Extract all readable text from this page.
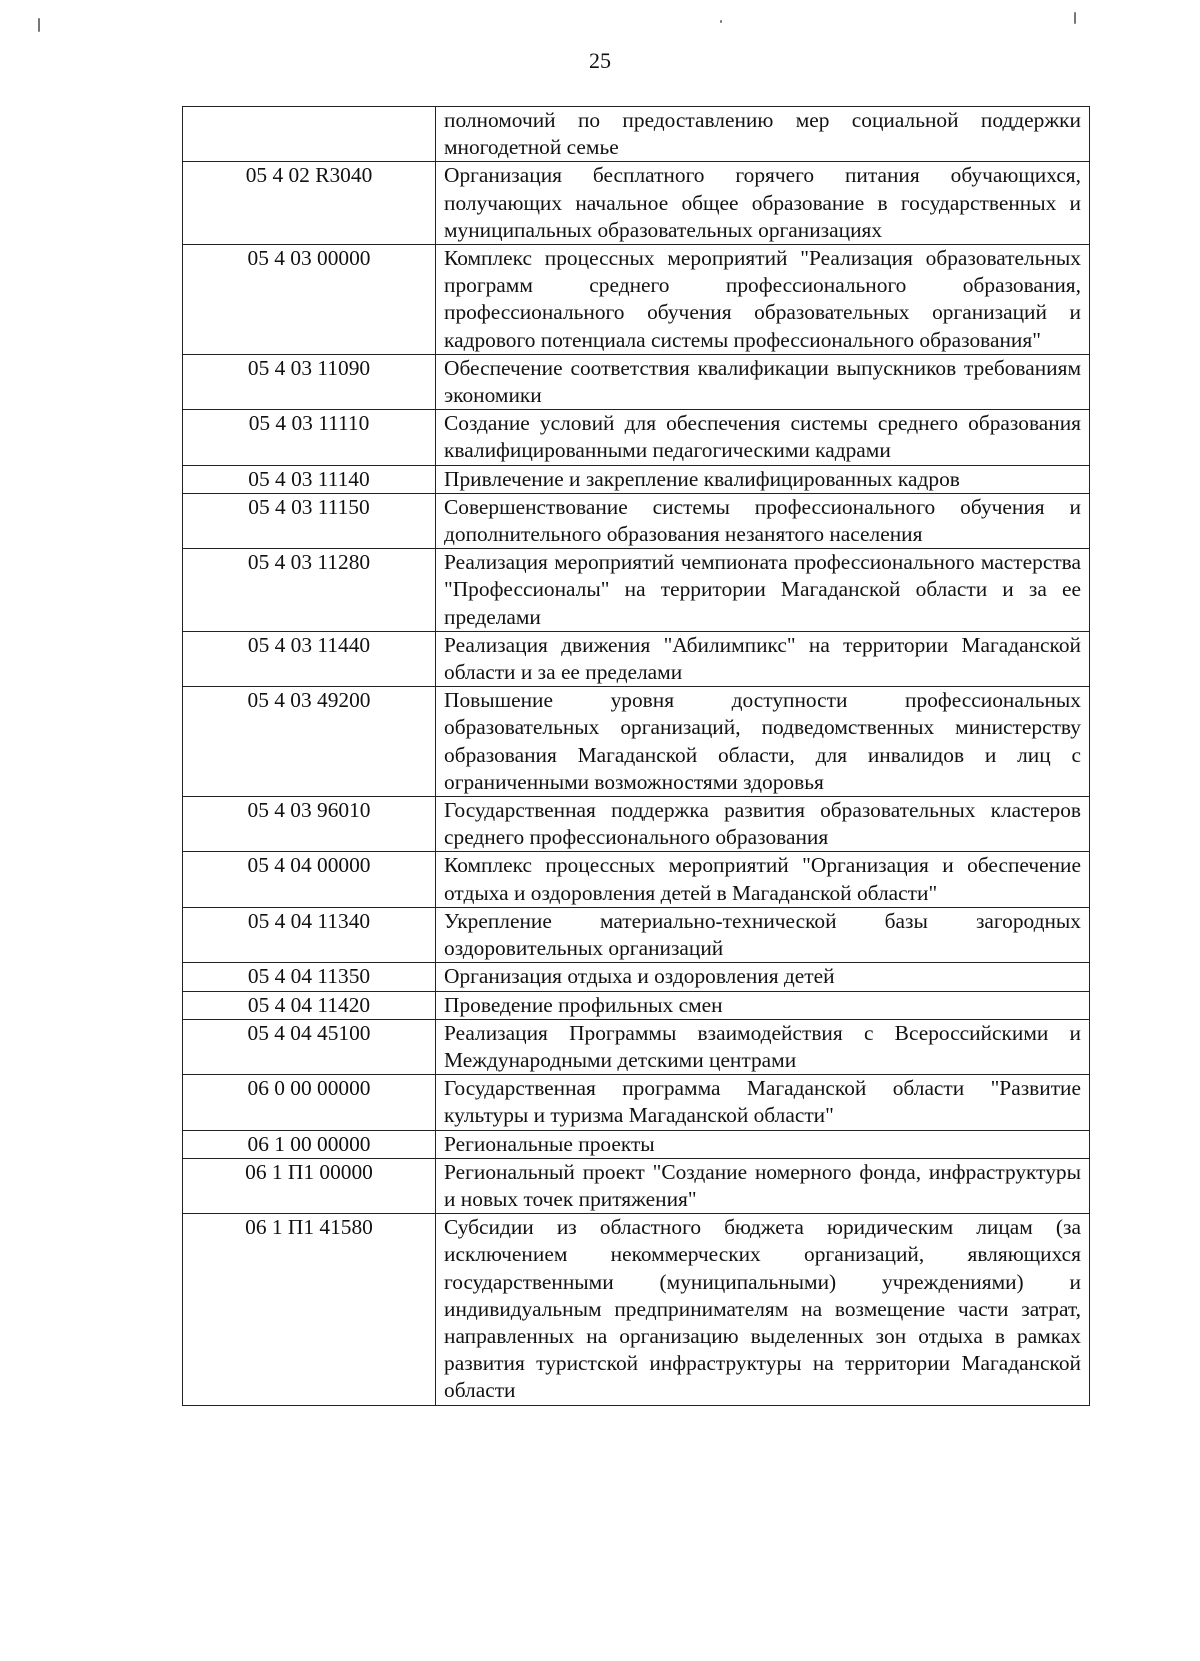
25
	полномочий по предоставлению мер социальной поддержки многодетной семье
05 4 02 R3040	Организация бесплатного горячего питания обучающихся, получающих начальное общее образование в государственных и муниципальных образовательных организациях
05 4 03 00000	Комплекс процессных мероприятий "Реализация образовательных программ среднего профессионального образования, профессионального обучения образовательных организаций и кадрового потенциала системы профессионального образования"
05 4 03 11090	Обеспечение соответствия квалификации выпускников требованиям экономики
05 4 03 11110	Создание условий для обеспечения системы среднего образования квалифицированными педагогическими кадрами
05 4 03 11140	Привлечение и закрепление квалифицированных кадров
05 4 03 11150	Совершенствование системы профессионального обучения и дополнительного образования незанятого населения
05 4 03 11280	Реализация мероприятий чемпионата профессионального мастерства "Профессионалы" на территории Магаданской области и за ее пределами
05 4 03 11440	Реализация движения "Абилимпикс" на территории Магаданской области и за ее пределами
05 4 03 49200	Повышение уровня доступности профессиональных образовательных организаций, подведомственных министерству образования Магаданской области, для инвалидов и лиц с ограниченными возможностями здоровья
05 4 03 96010	Государственная поддержка развития образовательных кластеров среднего профессионального образования
05 4 04 00000	Комплекс процессных мероприятий "Организация и обеспечение отдыха и оздоровления детей в Магаданской области"
05 4 04 11340	Укрепление материально-технической базы загородных оздоровительных организаций
05 4 04 11350	Организация отдыха и оздоровления детей
05 4 04 11420	Проведение профильных смен
05 4 04 45100	Реализация Программы взаимодействия с Всероссийскими и Международными детскими центрами
06 0 00 00000	Государственная программа Магаданской области "Развитие культуры и туризма Магаданской области"
06 1 00 00000	Региональные проекты
06 1 П1 00000	Региональный проект "Создание номерного фонда, инфраструктуры и новых точек притяжения"
06 1 П1 41580	Субсидии из областного бюджета юридическим лицам (за исключением некоммерческих организаций, являющихся государственными (муниципальными) учреждениями) и индивидуальным предпринимателям на возмещение части затрат, направленных на организацию выделенных зон отдыха в рамках развития туристской инфраструктуры на территории Магаданской области
